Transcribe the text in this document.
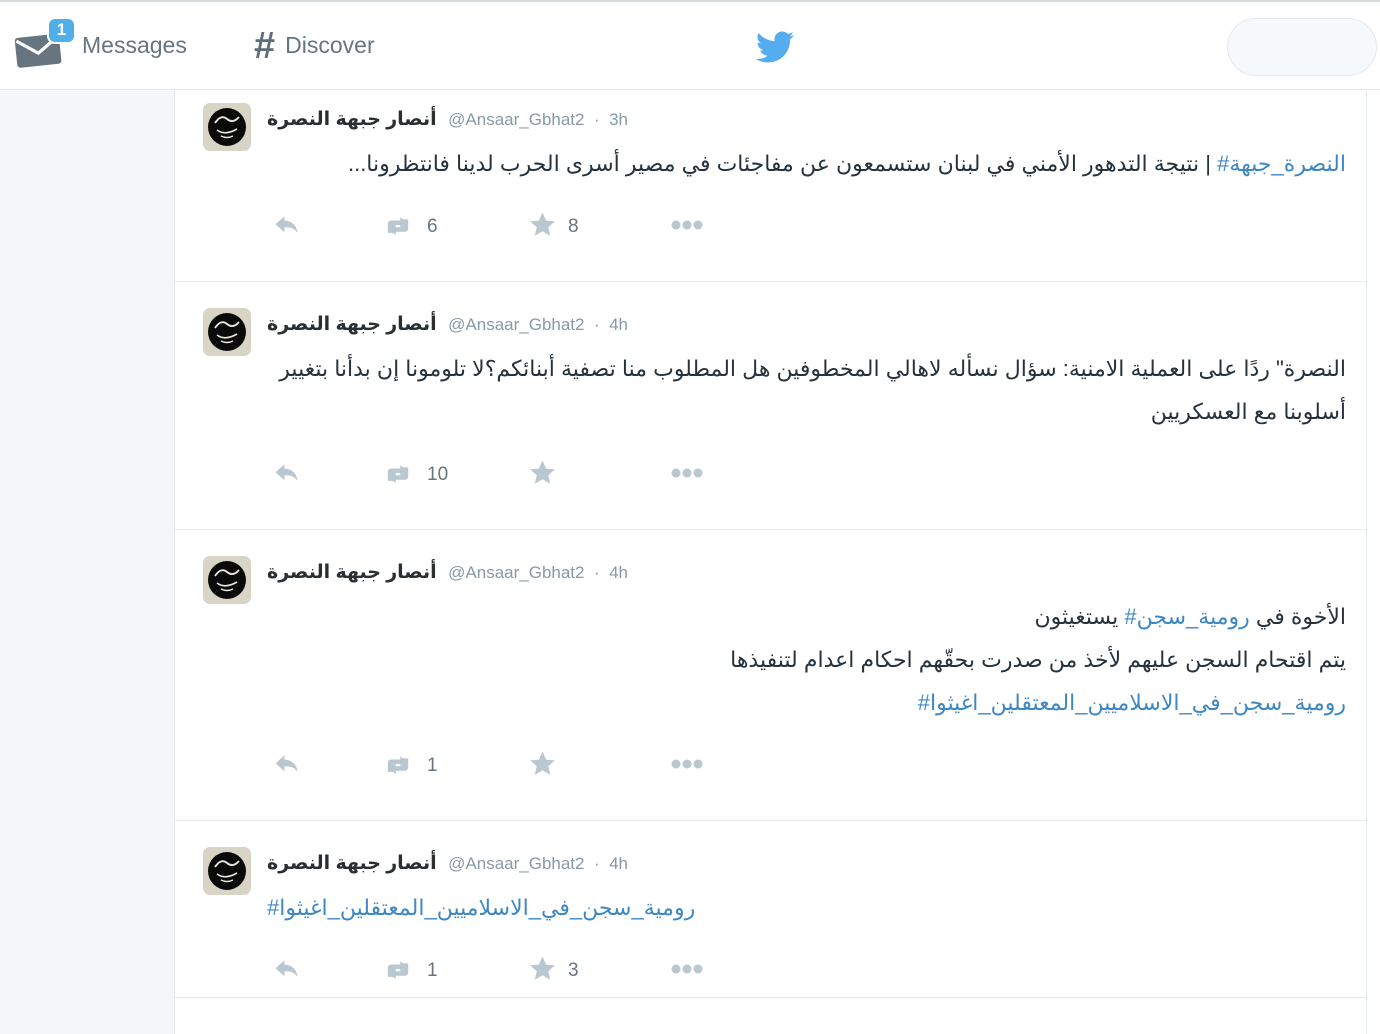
1
Messages # Discover
أنصار جبهة النصرة @Ansaar_Gbhat2 · 3h
#جبهة‎_‎النصرة | نتيجة التدهور الأمني في لبنان ستسمعون عن مفاجئات في مصير أسرى الحرب لدينا فانتظرونا...
6	8
أنصار جبهة النصرة @Ansaar_Gbhat2 · 4h
النصرة" ردًا على العملية الامنية: سؤال نسأله لاهالي المخطوفين هل المطلوب منا تصفية أبنائكم؟لا تلومونا إن بدأنا بتغيير أسلوبنا مع العسكريين
10
أنصار جبهة النصرة @Ansaar_Gbhat2 · 4h
الأخوة في #سجن‎_‎رومية يستغيثون
يتم اقتحام السجن عليهم لأخذ من صدرت بحقّهم احكام اعدام لتنفيذها
#اغيثوا‎_‎المعتقلين‎_‎الاسلاميين‎_‎في‎_‎سجن‎_‎رومية
1
أنصار جبهة النصرة @Ansaar_Gbhat2 · 4h
#اغيثوا‎_‎المعتقلين‎_‎الاسلاميين‎_‎في‎_‎سجن‎_‎رومية
1	3
